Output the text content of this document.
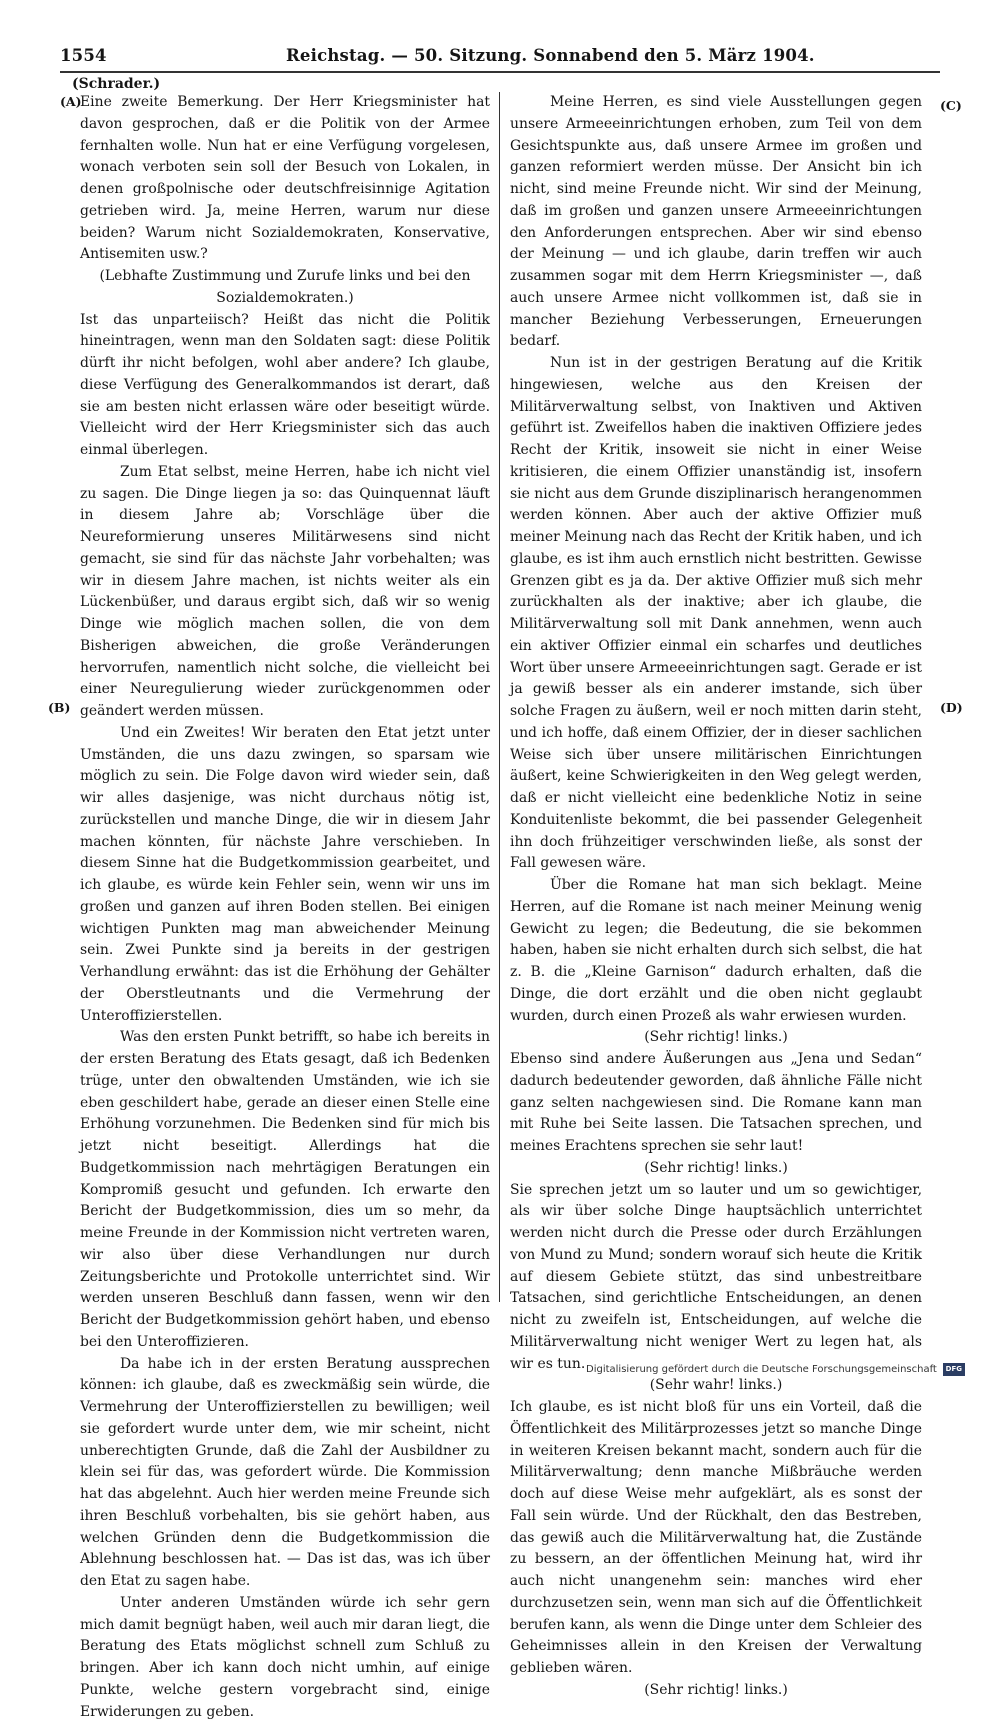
1554	Reichstag. — 50. Sitzung. Sonnabend den 5. März 1904.
(Schrader.)
(A)
(B)
(C)
(D)

Eine zweite Bemerkung. Der Herr Kriegsminister hat davon gesprochen, daß er die Politik von der Armee fernhalten wolle. Nun hat er eine Verfügung vorgelesen, wonach verboten sein soll der Besuch von Lokalen, in denen großpolnische oder deutschfreisinnige Agitation getrieben wird. Ja, meine Herren, warum nur diese beiden? Warum nicht Sozialdemokraten, Konservative, Antisemiten usw.?

(Lebhafte Zustimmung und Zurufe links und bei den Sozialdemokraten.)

Ist das unparteiisch? Heißt das nicht die Politik hineintragen, wenn man den Soldaten sagt: diese Politik dürft ihr nicht befolgen, wohl aber andere? Ich glaube, diese Verfügung des Generalkommandos ist derart, daß sie am besten nicht erlassen wäre oder beseitigt würde. Vielleicht wird der Herr Kriegsminister sich das auch einmal überlegen.

Zum Etat selbst, meine Herren, habe ich nicht viel zu sagen. Die Dinge liegen ja so: das Quinquennat läuft in diesem Jahre ab; Vorschläge über die Neureformierung unseres Militärwesens sind nicht gemacht, sie sind für das nächste Jahr vorbehalten; was wir in diesem Jahre machen, ist nichts weiter als ein Lückenbüßer, und daraus ergibt sich, daß wir so wenig Dinge wie möglich machen sollen, die von dem Bisherigen abweichen, die große Veränderungen hervorrufen, namentlich nicht solche, die vielleicht bei einer Neuregulierung wieder zurückgenommen oder geändert werden müssen.

Und ein Zweites! Wir beraten den Etat jetzt unter Umständen, die uns dazu zwingen, so sparsam wie möglich zu sein. Die Folge davon wird wieder sein, daß wir alles dasjenige, was nicht durchaus nötig ist, zurückstellen und manche Dinge, die wir in diesem Jahr machen könnten, für nächste Jahre verschieben. In diesem Sinne hat die Budgetkommission gearbeitet, und ich glaube, es würde kein Fehler sein, wenn wir uns im großen und ganzen auf ihren Boden stellen. Bei einigen wichtigen Punkten mag man abweichender Meinung sein. Zwei Punkte sind ja bereits in der gestrigen Verhandlung erwähnt: das ist die Erhöhung der Gehälter der Oberstleutnants und die Vermehrung der Unteroffizierstellen.

Was den ersten Punkt betrifft, so habe ich bereits in der ersten Beratung des Etats gesagt, daß ich Bedenken trüge, unter den obwaltenden Umständen, wie ich sie eben geschildert habe, gerade an dieser einen Stelle eine Erhöhung vorzunehmen. Die Bedenken sind für mich bis jetzt nicht beseitigt. Allerdings hat die Budgetkommission nach mehrtägigen Beratungen ein Kompromiß gesucht und gefunden. Ich erwarte den Bericht der Budgetkommission, dies um so mehr, da meine Freunde in der Kommission nicht vertreten waren, wir also über diese Verhandlungen nur durch Zeitungsberichte und Protokolle unterrichtet sind. Wir werden unseren Beschluß dann fassen, wenn wir den Bericht der Budgetkommission gehört haben, und ebenso bei den Unteroffizieren.

Da habe ich in der ersten Beratung aussprechen können: ich glaube, daß es zweckmäßig sein würde, die Vermehrung der Unteroffizierstellen zu bewilligen; weil sie gefordert wurde unter dem, wie mir scheint, nicht unberechtigten Grunde, daß die Zahl der Ausbildner zu klein sei für das, was gefordert würde. Die Kommission hat das abgelehnt. Auch hier werden meine Freunde sich ihren Beschluß vorbehalten, bis sie gehört haben, aus welchen Gründen denn die Budgetkommission die Ablehnung beschlossen hat. — Das ist das, was ich über den Etat zu sagen habe.

Unter anderen Umständen würde ich sehr gern mich damit begnügt haben, weil auch mir daran liegt, die Beratung des Etats möglichst schnell zum Schluß zu bringen. Aber ich kann doch nicht umhin, auf einige Punkte, welche gestern vorgebracht sind, einige Erwiderungen zu geben.

Meine Herren, es sind viele Ausstellungen gegen unsere Armeeeinrichtungen erhoben, zum Teil von dem Gesichtspunkte aus, daß unsere Armee im großen und ganzen reformiert werden müsse. Der Ansicht bin ich nicht, sind meine Freunde nicht. Wir sind der Meinung, daß im großen und ganzen unsere Armeeeinrichtungen den Anforderungen entsprechen. Aber wir sind ebenso der Meinung — und ich glaube, darin treffen wir auch zusammen sogar mit dem Herrn Kriegsminister —, daß auch unsere Armee nicht vollkommen ist, daß sie in mancher Beziehung Verbesserungen, Erneuerungen bedarf.

Nun ist in der gestrigen Beratung auf die Kritik hingewiesen, welche aus den Kreisen der Militärverwaltung selbst, von Inaktiven und Aktiven geführt ist. Zweifellos haben die inaktiven Offiziere jedes Recht der Kritik, insoweit sie nicht in einer Weise kritisieren, die einem Offizier unanständig ist, insofern sie nicht aus dem Grunde disziplinarisch herangenommen werden können. Aber auch der aktive Offizier muß meiner Meinung nach das Recht der Kritik haben, und ich glaube, es ist ihm auch ernstlich nicht bestritten. Gewisse Grenzen gibt es ja da. Der aktive Offizier muß sich mehr zurückhalten als der inaktive; aber ich glaube, die Militärverwaltung soll mit Dank annehmen, wenn auch ein aktiver Offizier einmal ein scharfes und deutliches Wort über unsere Armeeeinrichtungen sagt. Gerade er ist ja gewiß besser als ein anderer imstande, sich über solche Fragen zu äußern, weil er noch mitten darin steht, und ich hoffe, daß einem Offizier, der in dieser sachlichen Weise sich über unsere militärischen Einrichtungen äußert, keine Schwierigkeiten in den Weg gelegt werden, daß er nicht vielleicht eine bedenkliche Notiz in seine Konduitenliste bekommt, die bei passender Gelegenheit ihn doch frühzeitiger verschwinden ließe, als sonst der Fall gewesen wäre.

Über die Romane hat man sich beklagt. Meine Herren, auf die Romane ist nach meiner Meinung wenig Gewicht zu legen; die Bedeutung, die sie bekommen haben, haben sie nicht erhalten durch sich selbst, die hat z. B. die „Kleine Garnison“ dadurch erhalten, daß die Dinge, die dort erzählt und die oben nicht geglaubt wurden, durch einen Prozeß als wahr erwiesen wurden.

(Sehr richtig! links.)

Ebenso sind andere Äußerungen aus „Jena und Sedan“ dadurch bedeutender geworden, daß ähnliche Fälle nicht ganz selten nachgewiesen sind. Die Romane kann man mit Ruhe bei Seite lassen. Die Tatsachen sprechen, und meines Erachtens sprechen sie sehr laut!

(Sehr richtig! links.)

Sie sprechen jetzt um so lauter und um so gewichtiger, als wir über solche Dinge hauptsächlich unterrichtet werden nicht durch die Presse oder durch Erzählungen von Mund zu Mund; sondern worauf sich heute die Kritik auf diesem Gebiete stützt, das sind unbestreitbare Tatsachen, sind gerichtliche Entscheidungen, an denen nicht zu zweifeln ist, Entscheidungen, auf welche die Militärverwaltung nicht weniger Wert zu legen hat, als wir es tun.

(Sehr wahr! links.)

Ich glaube, es ist nicht bloß für uns ein Vorteil, daß die Öffentlichkeit des Militärprozesses jetzt so manche Dinge in weiteren Kreisen bekannt macht, sondern auch für die Militärverwaltung; denn manche Mißbräuche werden doch auf diese Weise mehr aufgeklärt, als es sonst der Fall sein würde. Und der Rückhalt, den das Bestreben, das gewiß auch die Militärverwaltung hat, die Zustände zu bessern, an der öffentlichen Meinung hat, wird ihr auch nicht unangenehm sein: manches wird eher durchzusetzen sein, wenn man sich auf die Öffentlichkeit berufen kann, als wenn die Dinge unter dem Schleier des Geheimnisses allein in den Kreisen der Verwaltung geblieben wären.

(Sehr richtig! links.)

Digitalisierung gefördert durch die Deutsche Forschungsgemeinschaft	DFG
